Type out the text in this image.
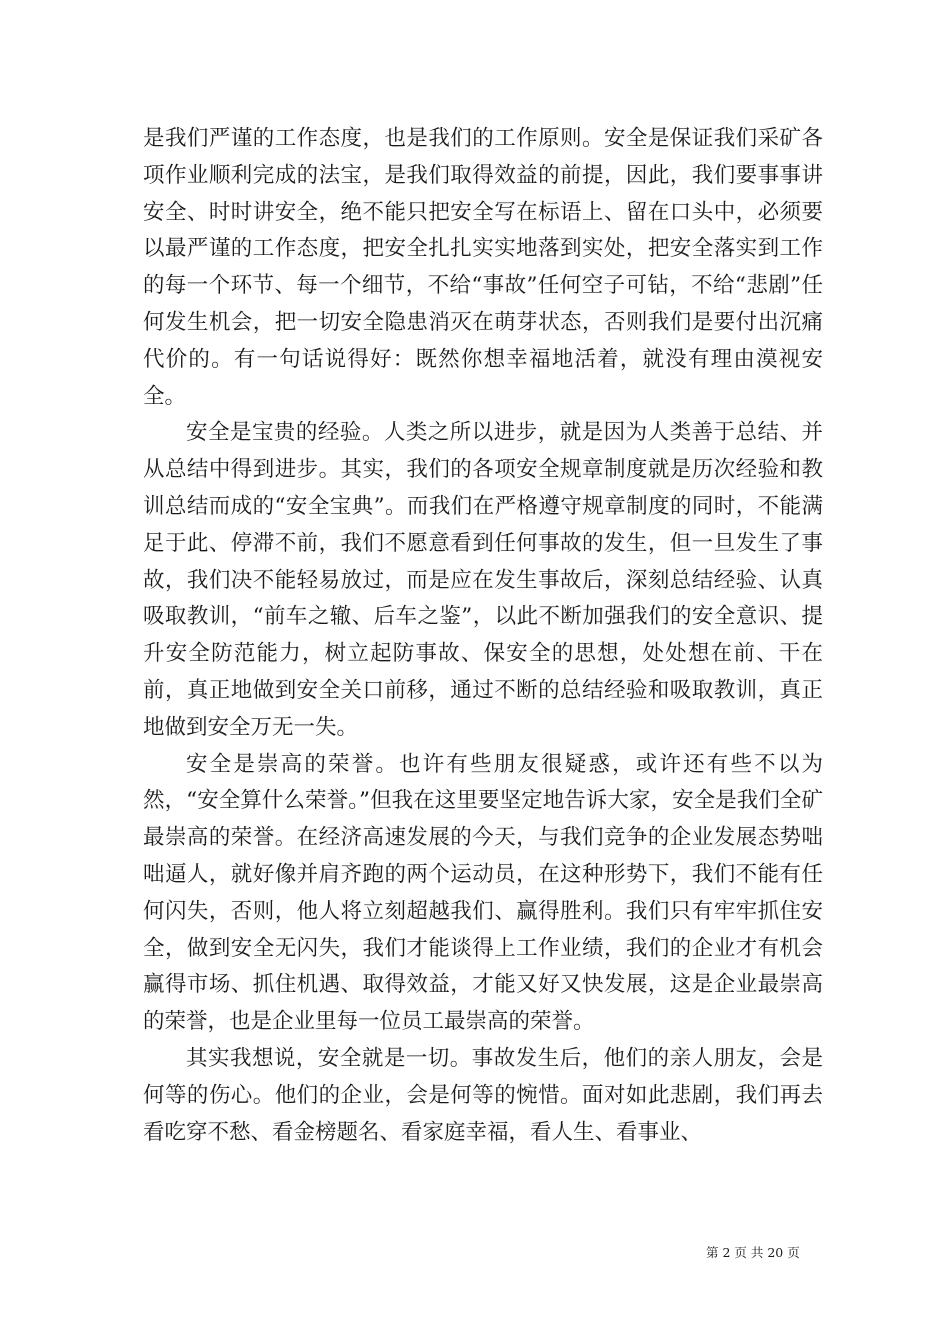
是我们严谨的工作态度，也是我们的工作原则。安全是保证我们采矿各项作业顺利完成的法宝，是我们取得效益的前提，因此，我们要事事讲安全、时时讲安全，绝不能只把安全写在标语上、留在口头中，必须要以最严谨的工作态度，把安全扎扎实实地落到实处，把安全落实到工作的每一个环节、每一个细节，不给“事故”任何空子可钻，不给“悲剧”任何发生机会，把一切安全隐患消灭在萌芽状态，否则我们是要付出沉痛代价的。有一句话说得好：既然你想幸福地活着，就没有理由漠视安全。

安全是宝贵的经验。人类之所以进步，就是因为人类善于总结、并从总结中得到进步。其实，我们的各项安全规章制度就是历次经验和教训总结而成的“安全宝典”。而我们在严格遵守规章制度的同时，不能满足于此、停滞不前，我们不愿意看到任何事故的发生，但一旦发生了事故，我们决不能轻易放过，而是应在发生事故后，深刻总结经验、认真吸取教训，“前车之辙、后车之鉴”，以此不断加强我们的安全意识、提升安全防范能力，树立起防事故、保安全的思想，处处想在前、干在前，真正地做到安全关口前移，通过不断的总结经验和吸取教训，真正地做到安全万无一失。

安全是崇高的荣誉。也许有些朋友很疑惑，或许还有些不以为然，“安全算什么荣誉。”但我在这里要坚定地告诉大家，安全是我们全矿最崇高的荣誉。在经济高速发展的今天，与我们竞争的企业发展态势咄咄逼人，就好像并肩齐跑的两个运动员，在这种形势下，我们不能有任何闪失，否则，他人将立刻超越我们、赢得胜利。我们只有牢牢抓住安全，做到安全无闪失，我们才能谈得上工作业绩，我们的企业才有机会赢得市场、抓住机遇、取得效益，才能又好又快发展，这是企业最崇高的荣誉，也是企业里每一位员工最崇高的荣誉。

其实我想说，安全就是一切。事故发生后，他们的亲人朋友，会是何等的伤心。他们的企业，会是何等的惋惜。面对如此悲剧，我们再去看吃穿不愁、看金榜题名、看家庭幸福，看人生、看事业、

第 2 页 共 20 页
